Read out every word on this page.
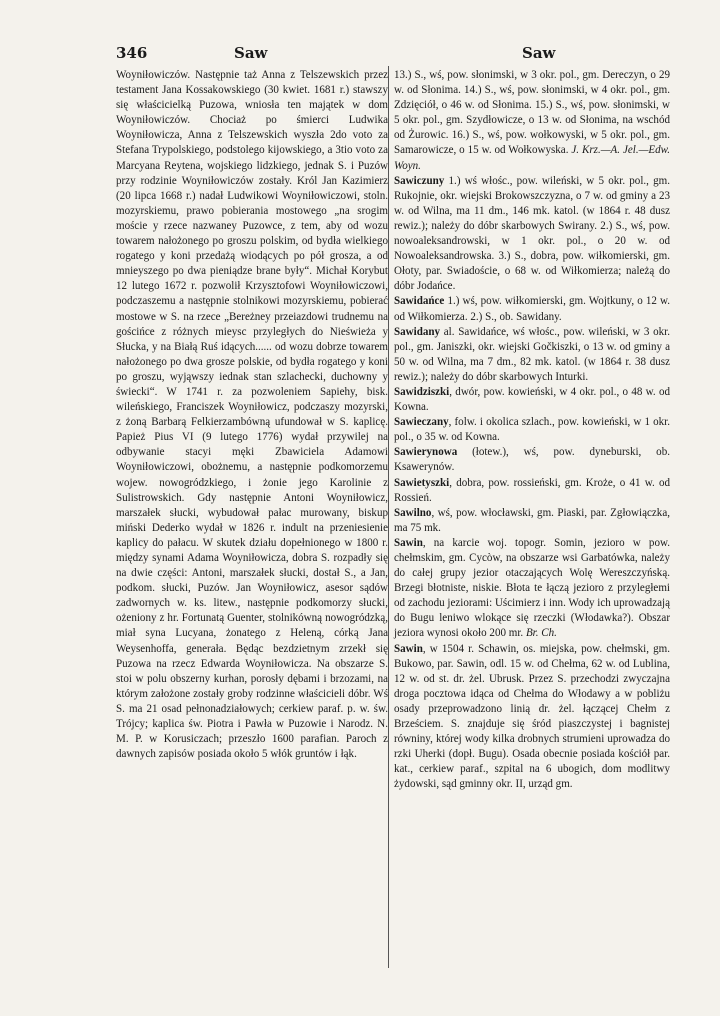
346	Saw	Saw

Woyniłowiczów. Następnie taż Anna z Telszewskich przez testament Jana Kossakowskiego (30 kwiet. 1681 r.) stawszy się właścicielką Puzowa, wniosła ten majątek w dom Woyniłowiczów. Chociaż po śmierci Ludwika Woyniłowicza, Anna z Telszewskich wyszła 2do voto za Stefana Trypolskiego, podstolego kijowskiego, a 3tio voto za Marcyana Reytena, wojskiego lidzkiego, jednak S. i Puzów przy rodzinie Woyniłowiczów zostały. Król Jan Kazimierz (20 lipca 1668 r.) nadał Ludwikowi Woyniłowiczowi, stoln. mozyrskiemu, prawo pobierania mostowego „na srogim moście y rzece nazwaney Puzowce, z tem, aby od wozu towarem nałożonego po groszu polskim, od bydła wielkiego rogatego y koni przedażą wiodących po pół grosza, a od mnieyszego po dwa pieniądze brane były“. Michał Korybut 12 lutego 1672 r. pozwolił Krzysztofowi Woyniłowiczowi, podczaszemu a następnie stolnikowi mozyrskiemu, pobierać mostowe w S. na rzece „Bereżney przeiazdowi trudnemu na gościńce z różnych mieysc przyległych do Nieświeża y Słucka, y na Białą Ruś idących...... od wozu dobrze towarem nałożonego po dwa grosze polskie, od bydła rogatego y koni po groszu, wyjąwszy iednak stan szlachecki, duchowny y świecki“. W 1741 r. za pozwoleniem Sapiehy, bisk. wileńskiego, Franciszek Woyniłowicz, podczaszy mozyrski, z żoną Barbarą Felkierzambówną ufundował w S. kaplicę. Papież Pius VI (9 lutego 1776) wydał przywilej na odbywanie stacyi męki Zbawiciela Adamowi Woyniłowiczowi, obożnemu, a następnie podkomorzemu wojew. nowogródzkiego, i żonie jego Karolinie z Sulistrowskich. Gdy następnie Antoni Woyniłowicz, marszałek słucki, wybudował pałac murowany, biskup miński Dederko wydał w 1826 r. indult na przeniesienie kaplicy do pałacu. W skutek działu dopełnionego w 1800 r. między synami Adama Woyniłowicza, dobra S. rozpadły się na dwie części: Antoni, marszałek słucki, dostał S., a Jan, podkom. słucki, Puzów. Jan Woyniłowicz, asesor sądów zadwornych w. ks. litew., następnie podkomorzy słucki, ożeniony z hr. Fortunatą Guenter, stolnikówną nowogródzką, miał syna Lucyana, żonatego z Heleną, córką Jana Weysenhoffa, generała. Będąc bezdzietnym zrzekł się Puzowa na rzecz Edwarda Woyniłowicza. Na obszarze S. stoi w polu obszerny kurhan, porosły dębami i brzozami, na którym założone zostały groby rodzinne właścicieli dóbr. Wś S. ma 21 osad pełnonadziałowych; cerkiew paraf. p. w. św. Trójcy; kaplica św. Piotra i Pawła w Puzowie i Narodz. N. M. P. w Korusiczach; przeszło 1600 parafian. Paroch z dawnych zapisów posiada około 5 włók gruntów i łąk.

13.) S., wś, pow. słonimski, w 3 okr. pol., gm. Dereczyn, o 29 w. od Słonima. 14.) S., wś, pow. słonimski, w 4 okr. pol., gm. Zdzięciół, o 46 w. od Słonima. 15.) S., wś, pow. słonimski, w 5 okr. pol., gm. Szydłowicze, o 13 w. od Słonima, na wschód od Żurowic. 16.) S., wś, pow. wołkowyski, w 5 okr. pol., gm. Samarowicze, o 15 w. od Wołkowyska. J. Krz.—A. Jel.—Edw. Woyn.

Sawiczuny 1.) wś włośc., pow. wileński, w 5 okr. pol., gm. Rukojnie, okr. wiejski Brokowszczyzna, o 7 w. od gminy a 23 w. od Wilna, ma 11 dm., 146 mk. katol. (w 1864 r. 48 dusz rewiz.); należy do dóbr skarbowych Swirany. 2.) S., wś, pow. nowoaleksandrowski, w 1 okr. pol., o 20 w. od Nowoaleksandrowska. 3.) S., dobra, pow. wiłkomierski, gm. Ołoty, par. Swiadoście, o 68 w. od Wiłkomierza; należą do dóbr Jodańce.

Sawidańce 1.) wś, pow. wiłkomierski, gm. Wojtkuny, o 12 w. od Wiłkomierza. 2.) S., ob. Sawidany.

Sawidany al. Sawidańce, wś włośc., pow. wileński, w 3 okr. pol., gm. Janiszki, okr. wiejski Gočkiszki, o 13 w. od gminy a 50 w. od Wilna, ma 7 dm., 82 mk. katol. (w 1864 r. 38 dusz rewiz.); należy do dóbr skarbowych Inturki.

Sawidziszki, dwór, pow. kowieński, w 4 okr. pol., o 48 w. od Kowna.

Sawieczany, folw. i okolica szlach., pow. kowieński, w 1 okr. pol., o 35 w. od Kowna.

Sawierynowa (łotew.), wś, pow. dyneburski, ob. Ksawerynów.

Sawietyszki, dobra, pow. rossieński, gm. Kroże, o 41 w. od Rossień.

Sawilno, wś, pow. włocławski, gm. Piaski, par. Zgłowiączka, ma 75 mk.

Sawin, na karcie woj. topogr. Somin, jezioro w pow. chełmskim, gm. Cycòw, na obszarze wsi Garbatówka, należy do całej grupy jezior otaczających Wolę Wereszczyńską. Brzegi błotniste, niskie. Błota te łączą jezioro z przyległemi od zachodu jeziorami: Uścimierz i inn. Wody ich uprowadzają do Bugu leniwo wlokące się rzeczki (Włodawka?). Obszar jeziora wynosi około 200 mr. Br. Ch.

Sawin, w 1504 r. Schawin, os. miejska, pow. chełmski, gm. Bukowo, par. Sawin, odl. 15 w. od Chełma, 62 w. od Lublina, 12 w. od st. dr. żel. Ubrusk. Przez S. przechodzi zwyczajna droga pocztowa idąca od Chełma do Włodawy a w pobliżu osady przeprowadzono linią dr. żel. łączącej Chełm z Brześciem. S. znajduje się śród piaszczystej i bagnistej równiny, której wody kilka drobnych strumieni uprowadza do rzki Uherki (dopł. Bugu). Osada obecnie posiada kościół par. kat., cerkiew paraf., szpital na 6 ubogich, dom modlitwy żydowski, sąd gminny okr. II, urząd gm.
